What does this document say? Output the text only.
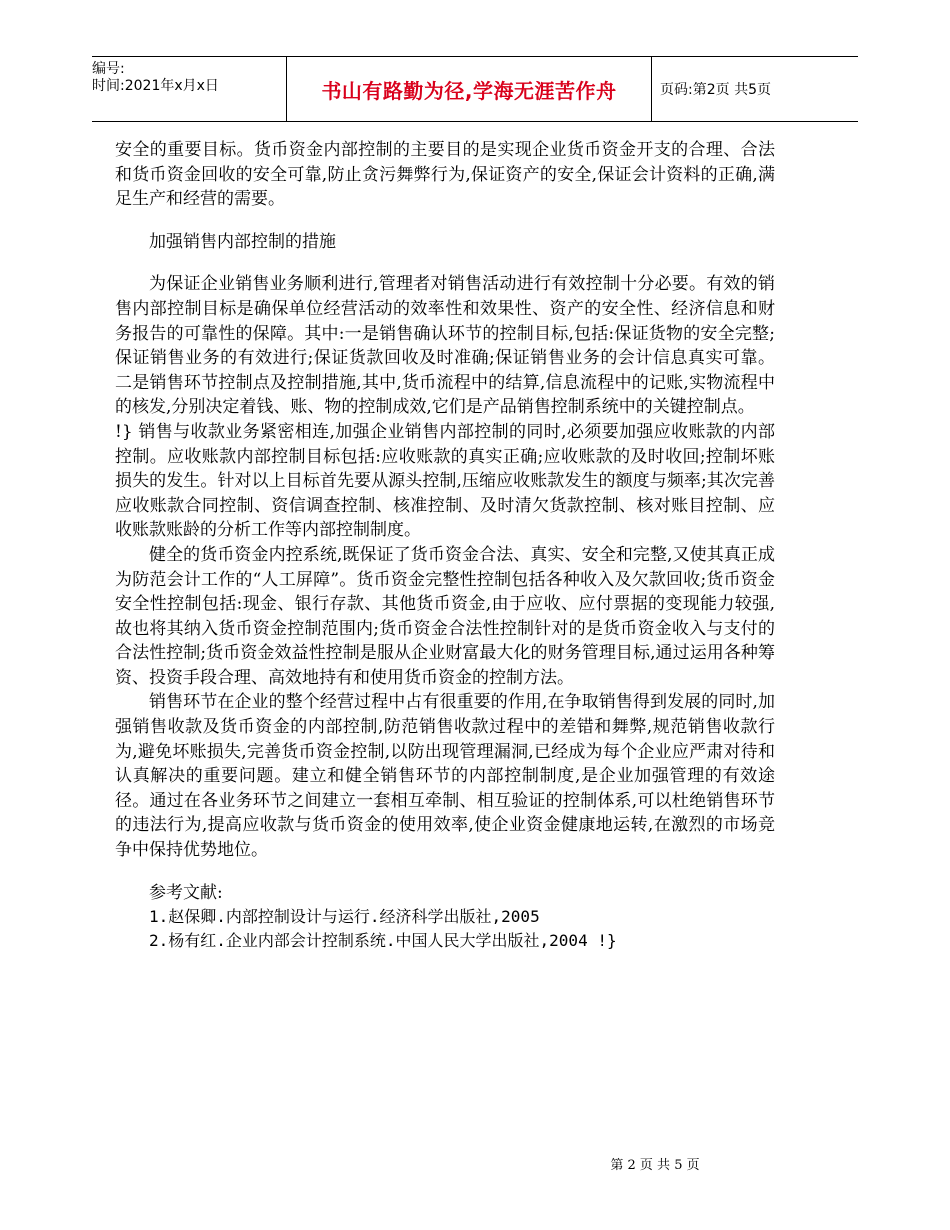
编号:
时间:2021年x月x日	书山有路勤为径,学海无涯苦作舟	页码:第2页 共5页

安全的重要目标。货币资金内部控制的主要目的是实现企业货币资金开支的合理、合法和货币资金回收的安全可靠,防止贪污舞弊行为,保证资产的安全,保证会计资料的正确,满足生产和经营的需要。

加强销售内部控制的措施

为保证企业销售业务顺利进行,管理者对销售活动进行有效控制十分必要。有效的销售内部控制目标是确保单位经营活动的效率性和效果性、资产的安全性、经济信息和财务报告的可靠性的保障。其中:一是销售确认环节的控制目标,包括:保证货物的安全完整;保证销售业务的有效进行;保证货款回收及时准确;保证销售业务的会计信息真实可靠。 二是销售环节控制点及控制措施,其中,货币流程中的结算,信息流程中的记账,实物流程中的核发,分别决定着钱、账、物的控制成效,它们是产品销售控制系统中的关键控制点。

!} 销售与收款业务紧密相连,加强企业销售内部控制的同时,必须要加强应收账款的内部控制。应收账款内部控制目标包括:应收账款的真实正确;应收账款的及时收回;控制坏账损失的发生。针对以上目标首先要从源头控制,压缩应收账款发生的额度与频率;其次完善应收账款合同控制、资信调查控制、核准控制、及时清欠货款控制、核对账目控制、应收账款账龄的分析工作等内部控制制度。

健全的货币资金内控系统,既保证了货币资金合法、真实、安全和完整,又使其真正成为防范会计工作的“人工屏障”。货币资金完整性控制包括各种收入及欠款回收;货币资金安全性控制包括:现金、银行存款、其他货币资金,由于应收、应付票据的变现能力较强,故也将其纳入货币资金控制范围内;货币资金合法性控制针对的是货币资金收入与支付的合法性控制;货币资金效益性控制是服从企业财富最大化的财务管理目标,通过运用各种筹资、投资手段合理、高效地持有和使用货币资金的控制方法。

销售环节在企业的整个经营过程中占有很重要的作用,在争取销售得到发展的同时,加强销售收款及货币资金的内部控制,防范销售收款过程中的差错和舞弊,规范销售收款行为,避免坏账损失,完善货币资金控制,以防出现管理漏洞,已经成为每个企业应严肃对待和认真解决的重要问题。建立和健全销售环节的内部控制制度,是企业加强管理的有效途径。通过在各业务环节之间建立一套相互牵制、相互验证的控制体系,可以杜绝销售环节的违法行为,提高应收款与货币资金的使用效率,使企业资金健康地运转,在激烈的市场竞争中保持优势地位。

参考文献:

1.赵保卿.内部控制设计与运行.经济科学出版社,2005
2.杨有红.企业内部会计控制系统.中国人民大学出版社,2004 !}
第 2 页 共 5 页
